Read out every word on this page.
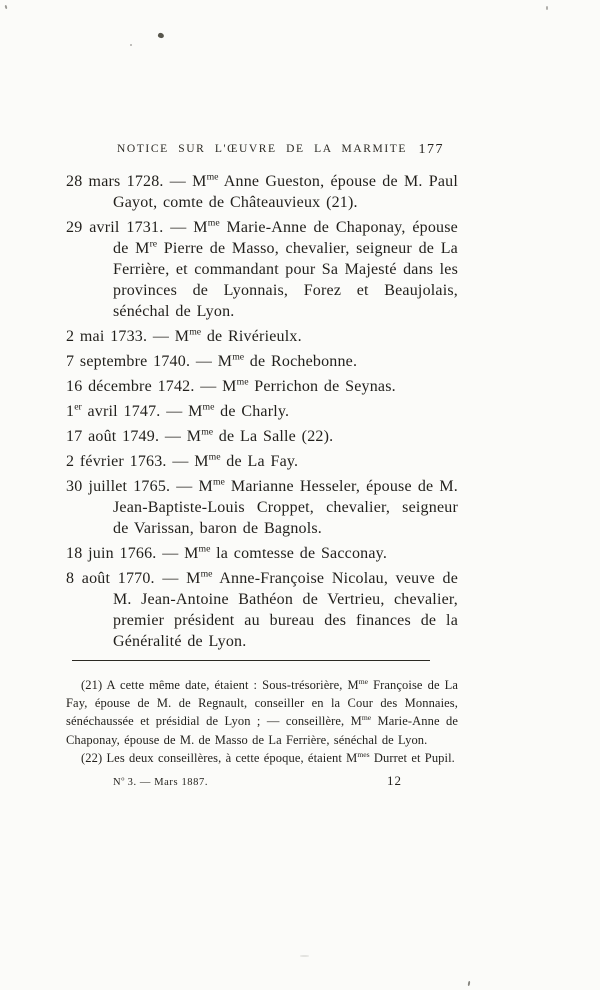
NOTICE SUR L'ŒUVRE DE LA MARMITE 177

28 mars 1728. — $M^{me}$ Anne Gueston, épouse de M. Paul Gayot, comte de Châteauvieux (21).

29 avril 1731. — $M^{me}$ Marie-Anne de Chaponay, épouse de Mre Pierre de Masso, chevalier, seigneur de La Ferrière, et commandant pour Sa Majesté dans les provinces de Lyonnais, Forez et Beaujolais, sénéchal de Lyon.

2 mai 1733. — $M^{me}$ de Rivérieulx.

7 septembre 1740. — $M^{me}$ de Rochebonne.

16 décembre 1742. — $M^{me}$ Perrichon de Seynas.

1er avril 1747. — $M^{me}$ de Charly.

17 août 1749. — $M^{me}$ de La Salle (22).

2 février 1763. — $M^{me}$ de La Fay.

30 juillet 1765. — $M^{me}$ Marianne Hesseler, épouse de M. Jean-Baptiste-Louis Croppet, chevalier, seigneur de Varissan, baron de Bagnols.

18 juin 1766. — $M^{me}$ la comtesse de Sacconay.

8 août 1770. — $M^{me}$ Anne-Françoise Nicolau, veuve de M. Jean-Antoine Bathéon de Vertrieu, chevalier, premier président au bureau des finances de la Généralité de Lyon.

(21) A cette même date, étaient : Sous-trésorière, $M^{me}$ Françoise de La Fay, épouse de M. de Regnault, conseiller en la Cour des Monnaies, sénéchaussée et présidial de Lyon ; — conseillère, $M^{me}$ Marie-Anne de Chaponay, épouse de M. de Masso de La Ferrière, sénéchal de Lyon.

(22) Les deux conseillères, à cette époque, étaient $M^{mes}$ Durret et Pupil.

$N^o$ 3. — Mars 1887.	12
